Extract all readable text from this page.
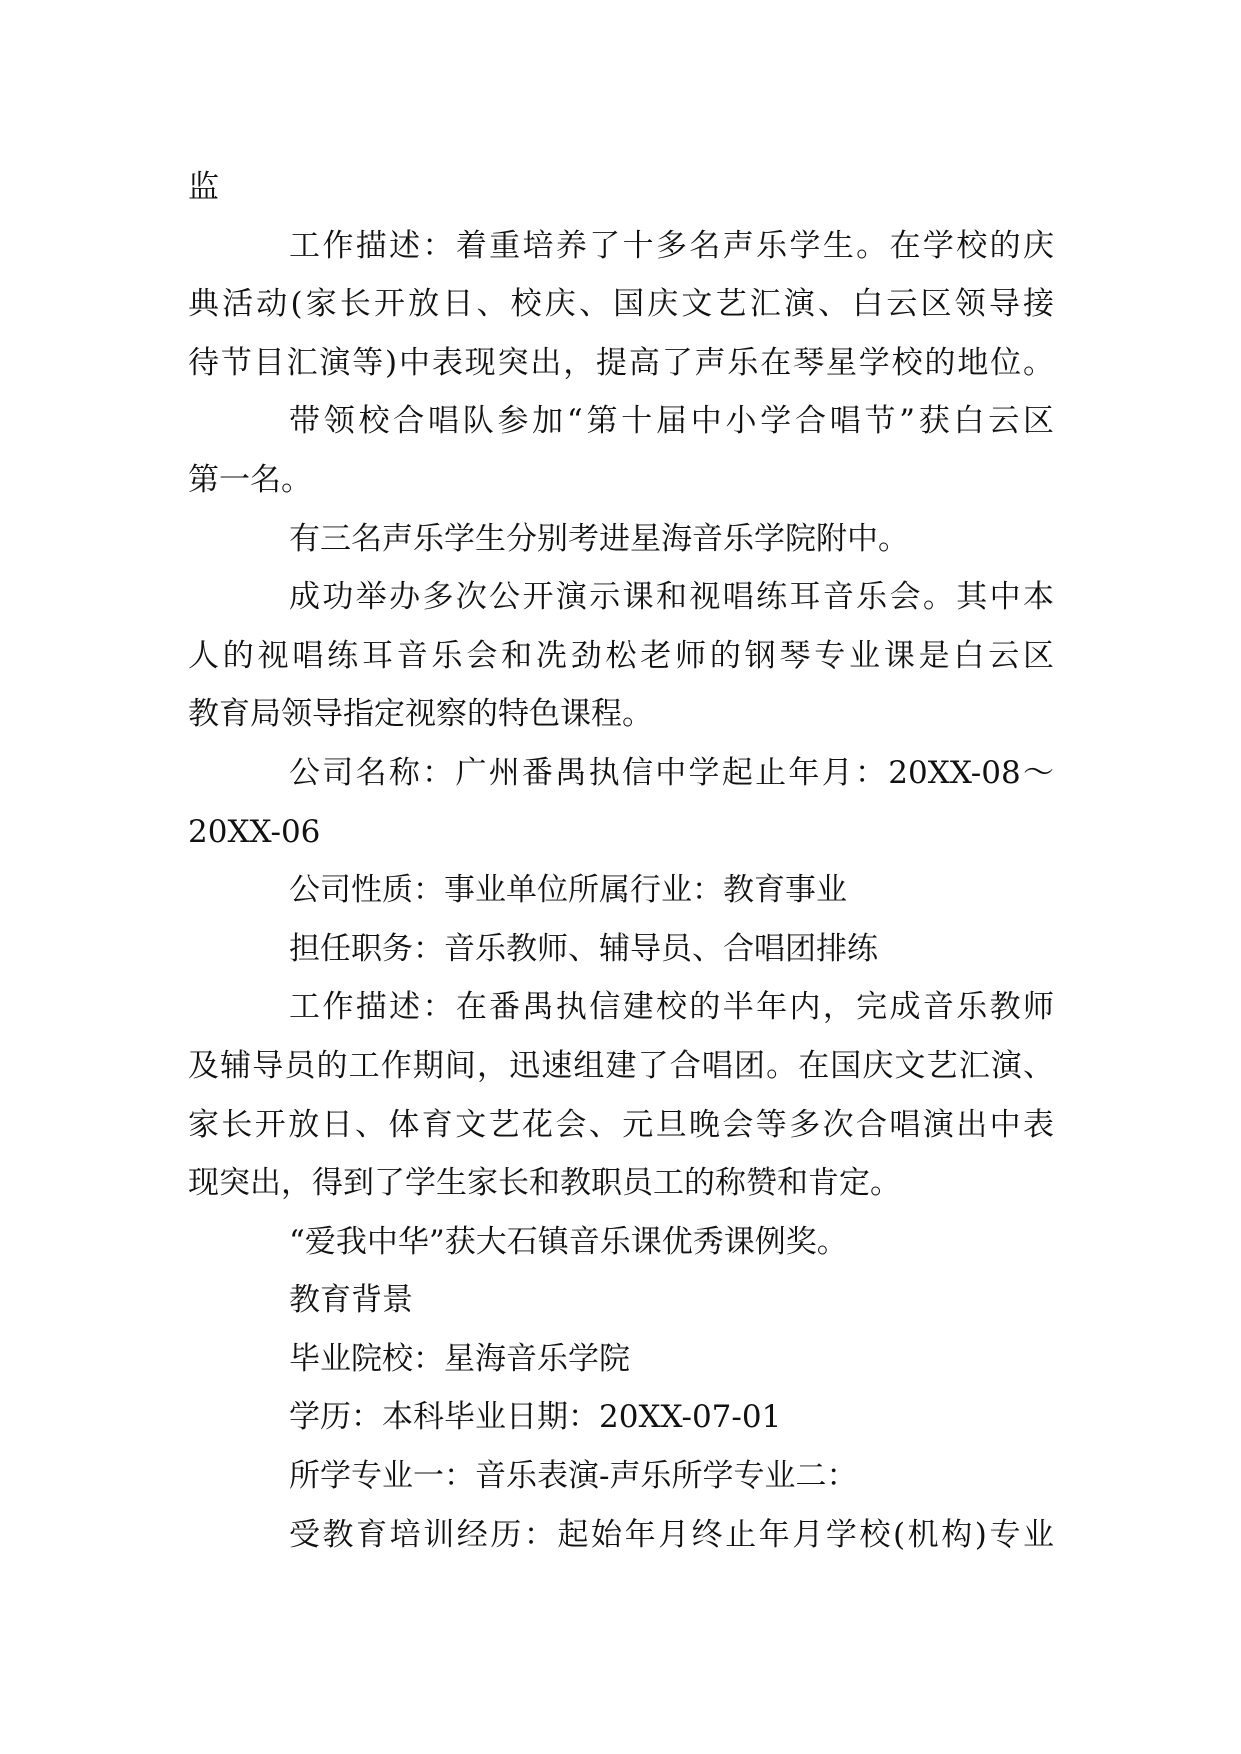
监

工作描述：着重培养了十多名声乐学生。在学校的庆

典活动(家长开放日、校庆、国庆文艺汇演、白云区领导接

待节目汇演等)中表现突出，提高了声乐在琴星学校的地位。

带领校合唱队参加“第十届中小学合唱节”获白云区

第一名。

有三名声乐学生分别考进星海音乐学院附中。

成功举办多次公开演示课和视唱练耳音乐会。其中本

人的视唱练耳音乐会和冼劲松老师的钢琴专业课是白云区

教育局领导指定视察的特色课程。

公司名称：广州番禺执信中学起止年月：20XX-08～

20XX-06

公司性质：事业单位所属行业：教育事业

担任职务：音乐教师、辅导员、合唱团排练

工作描述：在番禺执信建校的半年内，完成音乐教师

及辅导员的工作期间，迅速组建了合唱团。在国庆文艺汇演、

家长开放日、体育文艺花会、元旦晚会等多次合唱演出中表

现突出，得到了学生家长和教职员工的称赞和肯定。

“爱我中华”获大石镇音乐课优秀课例奖。

教育背景

毕业院校：星海音乐学院

学历：本科毕业日期：20XX-07-01

所学专业一：音乐表演-声乐所学专业二：

受教育培训经历：起始年月终止年月学校(机构)专业
